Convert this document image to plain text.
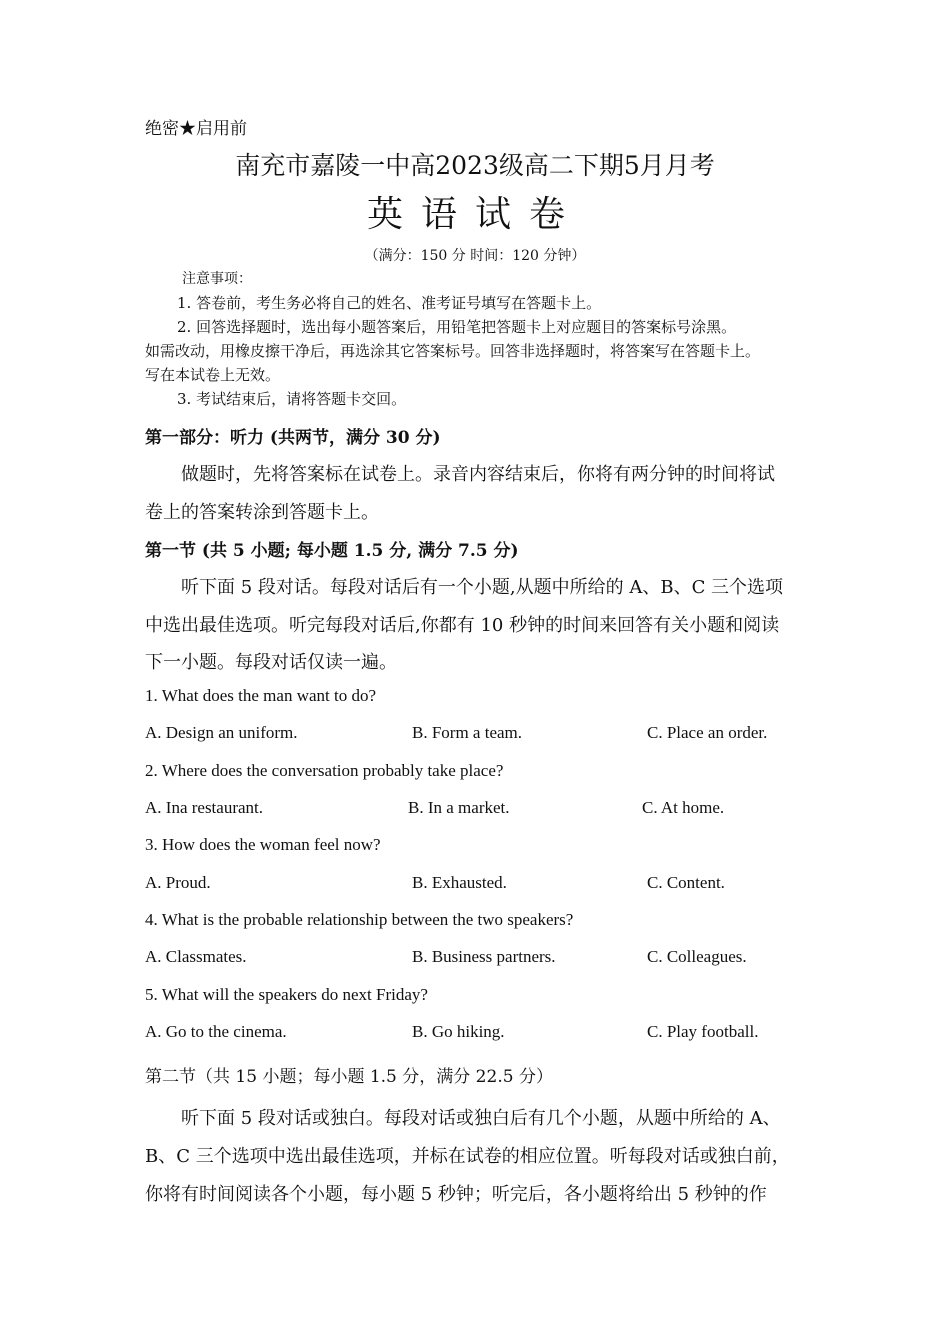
绝密★启用前
南充市嘉陵一中高2023级高二下期5月月考
英语试卷
（满分：150 分 时间：120 分钟）
注意事项：
1. 答卷前，考生务必将自己的姓名、准考证号填写在答题卡上。
2. 回答选择题时，选出每小题答案后，用铅笔把答题卡上对应题目的答案标号涂黑。
如需改动，用橡皮擦干净后，再选涂其它答案标号。回答非选择题时，将答案写在答题卡上。
写在本试卷上无效。
3. 考试结束后，请将答题卡交回。
第一部分：听力 (共两节，满分 30 分)
做题时，先将答案标在试卷上。录音内容结束后，你将有两分钟的时间将试
卷上的答案转涂到答题卡上。
第一节 (共 5 小题; 每小题 1.5 分, 满分 7.5 分)
听下面 5 段对话。每段对话后有一个小题,从题中所给的 A、B、C 三个选项
中选出最佳选项。听完每段对话后,你都有 10 秒钟的时间来回答有关小题和阅读
下一小题。每段对话仅读一遍。
1. What does the man want to do?
A. Design an uniform.	B. Form a team.	C. Place an order.
2. Where does the conversation probably take place?
A. Ina restaurant.	B. In a market.	C. At home.
3. How does the woman feel now?
A. Proud.	B. Exhausted.	C. Content.
4. What is the probable relationship between the two speakers?
A. Classmates.	B. Business partners.	C. Colleagues.
5. What will the speakers do next Friday?
A. Go to the cinema.	B. Go hiking.	C. Play football.
第二节（共 15 小题；每小题 1.5 分，满分 22.5 分）
听下面 5 段对话或独白。每段对话或独白后有几个小题，从题中所给的 A、
B、C 三个选项中选出最佳选项，并标在试卷的相应位置。听每段对话或独白前，
你将有时间阅读各个小题，每小题 5 秒钟；听完后，各小题将给出 5 秒钟的作
